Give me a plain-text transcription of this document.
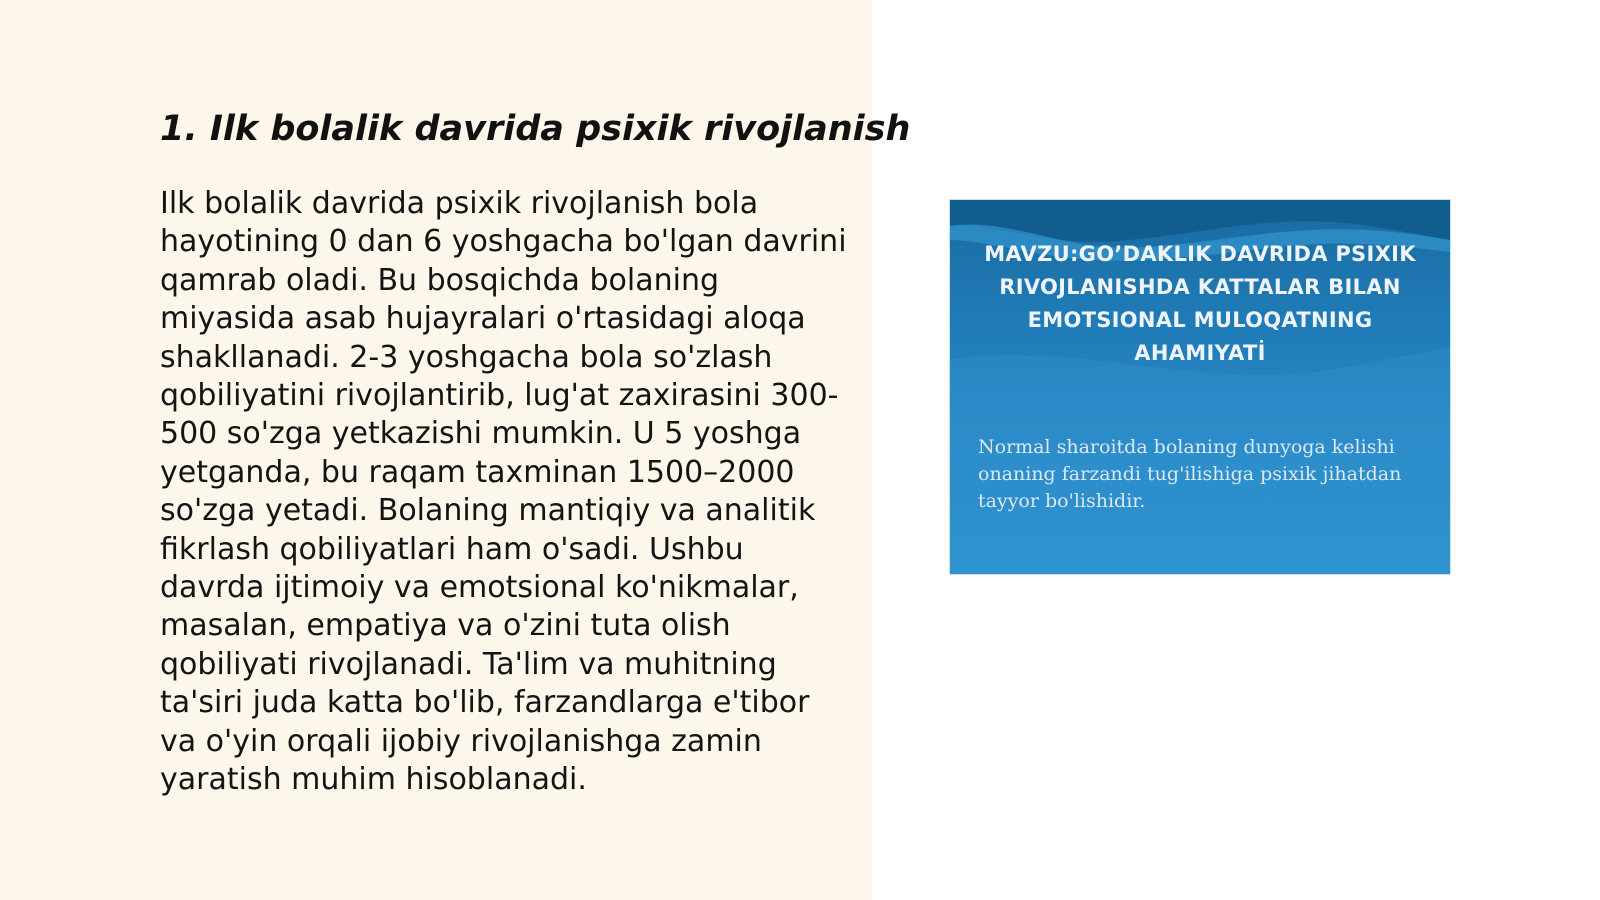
1. Ilk bolalik davrida psixik rivojlanish

Ilk bolalik davrida psixik rivojlanish bola hayotining 0 dan 6 yoshgacha bo'lgan davrini qamrab oladi. Bu bosqichda bolaning miyasida asab hujayralari o'rtasidagi aloqa shakllanadi. 2-3 yoshgacha bola so'zlash qobiliyatini rivojlantirib, lug'at zaxirasini 300-500 so'zga yetkazishi mumkin. U 5 yoshga yetganda, bu raqam taxminan 1500–2000 so'zga yetadi. Bolaning mantiqiy va analitik fikrlash qobiliyatlari ham o'sadi. Ushbu davrda ijtimoiy va emotsional ko'nikmalar, masalan, empatiya va o'zini tuta olish qobiliyati rivojlanadi. Ta'lim va muhitning ta'siri juda katta bo'lib, farzandlarga e'tibor va o'yin orqali ijobiy rivojlanishga zamin yaratish muhim hisoblanadi.

MAVZU:GO’DAKLIK DAVRIDA PSIXIK RIVOJLANISHDA KATTALAR BILAN EMOTSIONAL MULOQATNING AHAMIYATİ

Normal sharoitda bolaning dunyoga kelishi onaning farzandi tug'ilishiga psixik jihatdan tayyor bo'lishidir.
